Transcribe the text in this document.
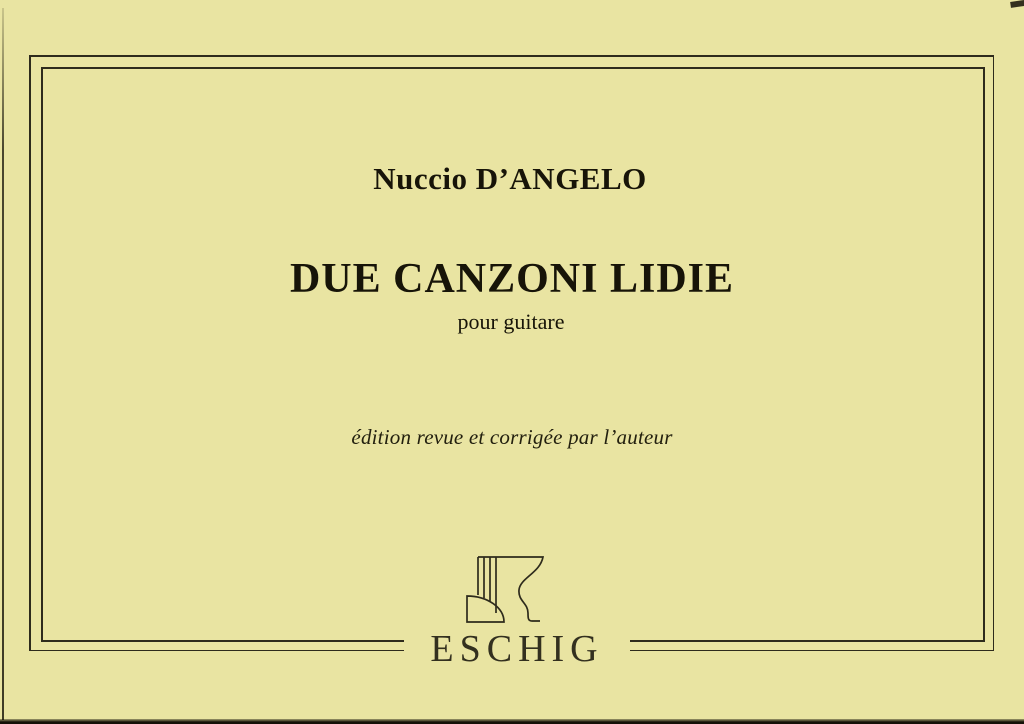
Nuccio D’ANGELO
DUE CANZONI LIDIE
pour guitare
édition revue et corrigée par l’auteur
ESCHIG
